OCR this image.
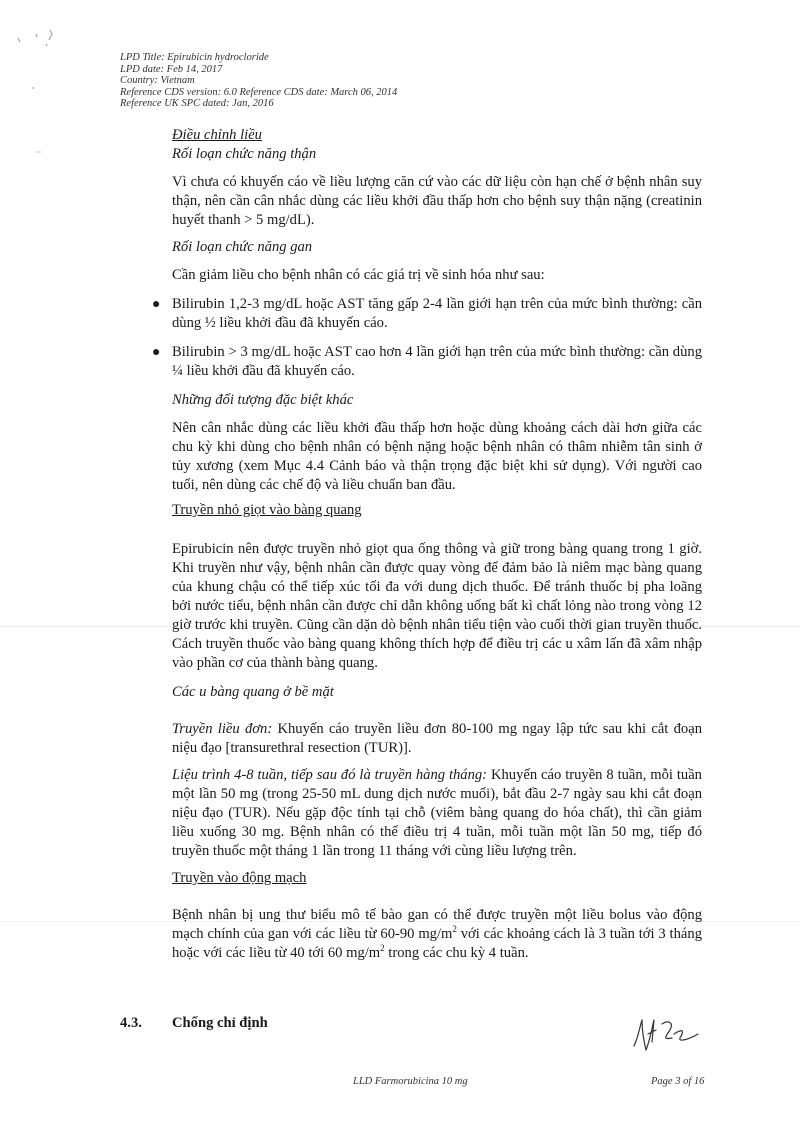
LPD Title: Epirubicin hydrocloride
LPD date: Feb 14, 2017
Country: Vietnam
Reference CDS version: 6.0 Reference CDS date: March 06, 2014
Reference UK SPC dated: Jan, 2016

Điều chỉnh liều

Rối loạn chức năng thận

Vì chưa có khuyến cáo về liều lượng căn cứ vào các dữ liệu còn hạn chế ở bệnh nhân suy thận, nên cần cân nhắc dùng các liều khởi đầu thấp hơn cho bệnh suy thận nặng (creatinin huyết thanh > 5 mg/dL).

Rối loạn chức năng gan

Cần giảm liều cho bệnh nhân có các giá trị về sinh hóa như sau:

● Bilirubin 1,2-3 mg/dL hoặc AST tăng gấp 2-4 lần giới hạn trên của mức bình thường: cần dùng ½ liều khởi đầu đã khuyến cáo.
● Bilirubin > 3 mg/dL hoặc AST cao hơn 4 lần giới hạn trên của mức bình thường: cần dùng ¼ liều khởi đầu đã khuyến cáo.

Những đối tượng đặc biệt khác

Nên cân nhắc dùng các liều khởi đầu thấp hơn hoặc dùng khoảng cách dài hơn giữa các chu kỳ khi dùng cho bệnh nhân có bệnh nặng hoặc bệnh nhân có thâm nhiễm tân sinh ở tủy xương (xem Mục 4.4 Cảnh báo và thận trọng đặc biệt khi sử dụng). Với người cao tuổi, nên dùng các chế độ và liều chuẩn ban đầu.

Truyền nhỏ giọt vào bàng quang

Epirubicin nên được truyền nhỏ giọt qua ống thông và giữ trong bàng quang trong 1 giờ. Khi truyền như vậy, bệnh nhân cần được quay vòng để đảm bảo là niêm mạc bàng quang của khung chậu có thể tiếp xúc tối đa với dung dịch thuốc. Để tránh thuốc bị pha loãng bởi nước tiểu, bệnh nhân cần được chỉ dẫn không uống bất kì chất lỏng nào trong vòng 12 giờ trước khi truyền. Cũng cần dặn dò bệnh nhân tiểu tiện vào cuối thời gian truyền thuốc. Cách truyền thuốc vào bàng quang không thích hợp để điều trị các u xâm lấn đã xâm nhập vào phần cơ của thành bàng quang.

Các u bàng quang ở bề mặt

Truyền liều đơn: Khuyến cáo truyền liều đơn 80-100 mg ngay lập tức sau khi cắt đoạn niệu đạo [transurethral resection (TUR)].

Liệu trình 4-8 tuần, tiếp sau đó là truyền hàng tháng: Khuyến cáo truyền 8 tuần, mỗi tuần một lần 50 mg (trong 25-50 mL dung dịch nước muối), bắt đầu 2-7 ngày sau khi cắt đoạn niệu đạo (TUR). Nếu gặp độc tính tại chỗ (viêm bàng quang do hóa chất), thì cần giảm liều xuống 30 mg. Bệnh nhân có thể điều trị 4 tuần, mỗi tuần một lần 50 mg, tiếp đó truyền thuốc một tháng 1 lần trong 11 tháng với cùng liều lượng trên.

Truyền vào động mạch

Bệnh nhân bị ung thư biểu mô tế bào gan có thể được truyền một liều bolus vào động mạch chính của gan với các liều từ 60-90 $mg/m^2$ với các khoảng cách là 3 tuần tới 3 tháng hoặc với các liều từ 40 tới 60 $mg/m^2$ trong các chu kỳ 4 tuần.

4.3. Chống chỉ định
LLD Farmorubicina 10 mg	Page 3 of 16
